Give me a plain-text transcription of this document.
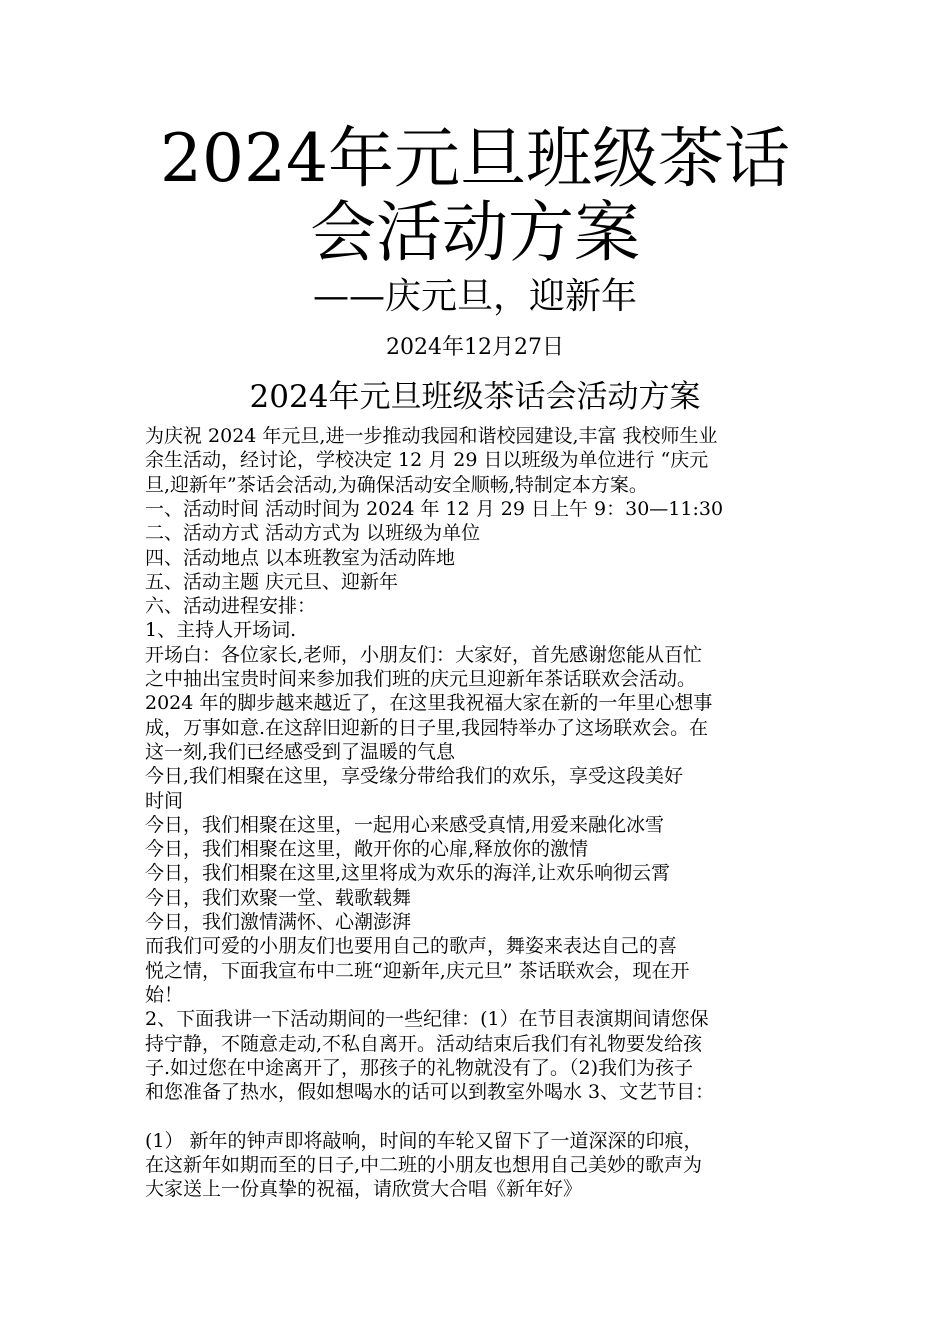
2024年元旦班级茶话
会活动方案
——庆元旦，迎新年
2024年12月27日
2024年元旦班级茶话会活动方案
为庆祝 2024 年元旦,进一步推动我园和谐校园建设,丰富 我校师生业
余生活动，经讨论，学校决定 12 月 29 日以班级为单位进行 “庆元
旦,迎新年”茶话会活动,为确保活动安全顺畅,特制定本方案。
一、活动时间 活动时间为 2024 年 12 月 29 日上午 9：30—11:30
二、活动方式 活动方式为 以班级为单位
四、活动地点 以本班教室为活动阵地
五、活动主题 庆元旦、迎新年
六、活动进程安排：
1、主持人开场词.
开场白：各位家长,老师，小朋友们：大家好，首先感谢您能从百忙
之中抽出宝贵时间来参加我们班的庆元旦迎新年茶话联欢会活动。
2024 年的脚步越来越近了，在这里我祝福大家在新的一年里心想事
成，万事如意.在这辞旧迎新的日子里,我园特举办了这场联欢会。在
这一刻,我们已经感受到了温暖的气息
今日,我们相聚在这里，享受缘分带给我们的欢乐，享受这段美好
时间
今日，我们相聚在这里，一起用心来感受真情,用爱来融化冰雪
今日，我们相聚在这里，敞开你的心扉,释放你的激情
今日，我们相聚在这里,这里将成为欢乐的海洋,让欢乐响彻云霄
今日，我们欢聚一堂、载歌载舞
今日，我们激情满怀、心潮澎湃
而我们可爱的小朋友们也要用自己的歌声，舞姿来表达自己的喜
悦之情，下面我宣布中二班“迎新年,庆元旦” 茶话联欢会，现在开
始！
2、下面我讲一下活动期间的一些纪律：(1）在节目表演期间请您保
持宁静，不随意走动,不私自离开。活动结束后我们有礼物要发给孩
子.如过您在中途离开了，那孩子的礼物就没有了。（2)我们为孩子
和您准备了热水，假如想喝水的话可以到教室外喝水 3、文艺节目：
(1） 新年的钟声即将敲响，时间的车轮又留下了一道深深的印痕，
在这新年如期而至的日子,中二班的小朋友也想用自己美妙的歌声为
大家送上一份真挚的祝福，请欣赏大合唱《新年好》
